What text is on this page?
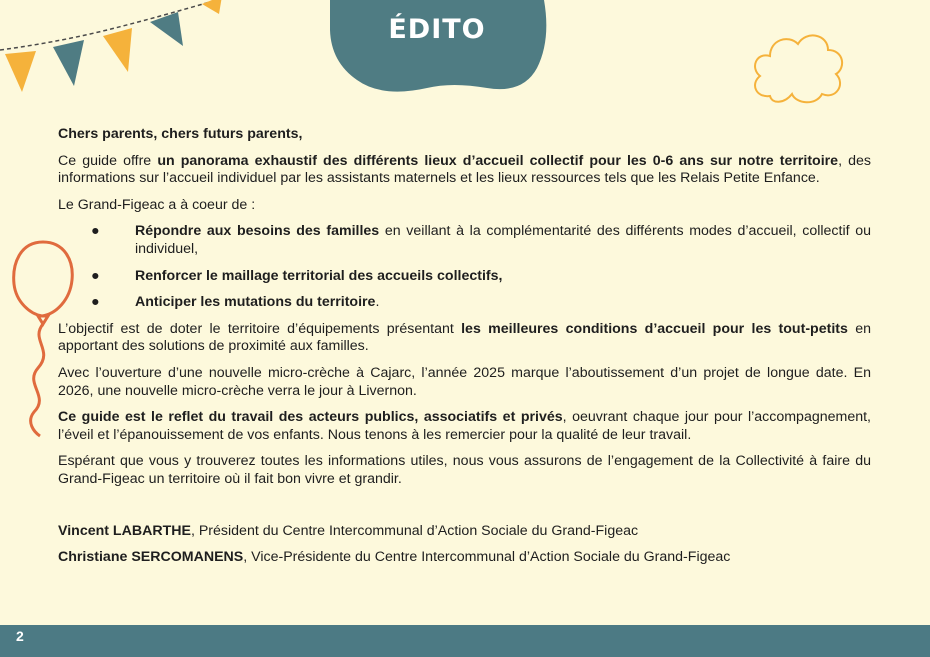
ÉDITO

Chers parents, chers futurs parents,

Ce guide offre un panorama exhaustif des différents lieux d’accueil collectif pour les 0-6 ans sur notre territoire, des informations sur l’accueil individuel par les assistants maternels et les lieux ressources tels que les Relais Petite Enfance.

Le Grand-Figeac a à coeur de :

● Répondre aux besoins des familles en veillant à la complémentarité des différents modes d’accueil, collectif ou individuel,
● Renforcer le maillage territorial des accueils collectifs,
● Anticiper les mutations du territoire.

L’objectif est de doter le territoire d’équipements présentant les meilleures conditions d’accueil pour les tout-petits en apportant des solutions de proximité aux familles.

Avec l’ouverture d’une nouvelle micro-crèche à Cajarc, l’année 2025 marque l’aboutissement d’un projet de longue date. En 2026, une nouvelle micro-crèche verra le jour à Livernon.

Ce guide est le reflet du travail des acteurs publics, associatifs et privés, oeuvrant chaque jour pour l’accompagnement, l’éveil et l’épanouissement de vos enfants. Nous tenons à les remercier pour la qualité de leur travail.

Espérant que vous y trouverez toutes les informations utiles, nous vous assurons de l’engagement de la Collectivité à faire du Grand-Figeac un territoire où il fait bon vivre et grandir.

Vincent LABARTHE, Président du Centre Intercommunal d’Action Sociale du Grand-Figeac

Christiane SERCOMANENS, Vice-Présidente du Centre Intercommunal d’Action Sociale du Grand-Figeac

2
